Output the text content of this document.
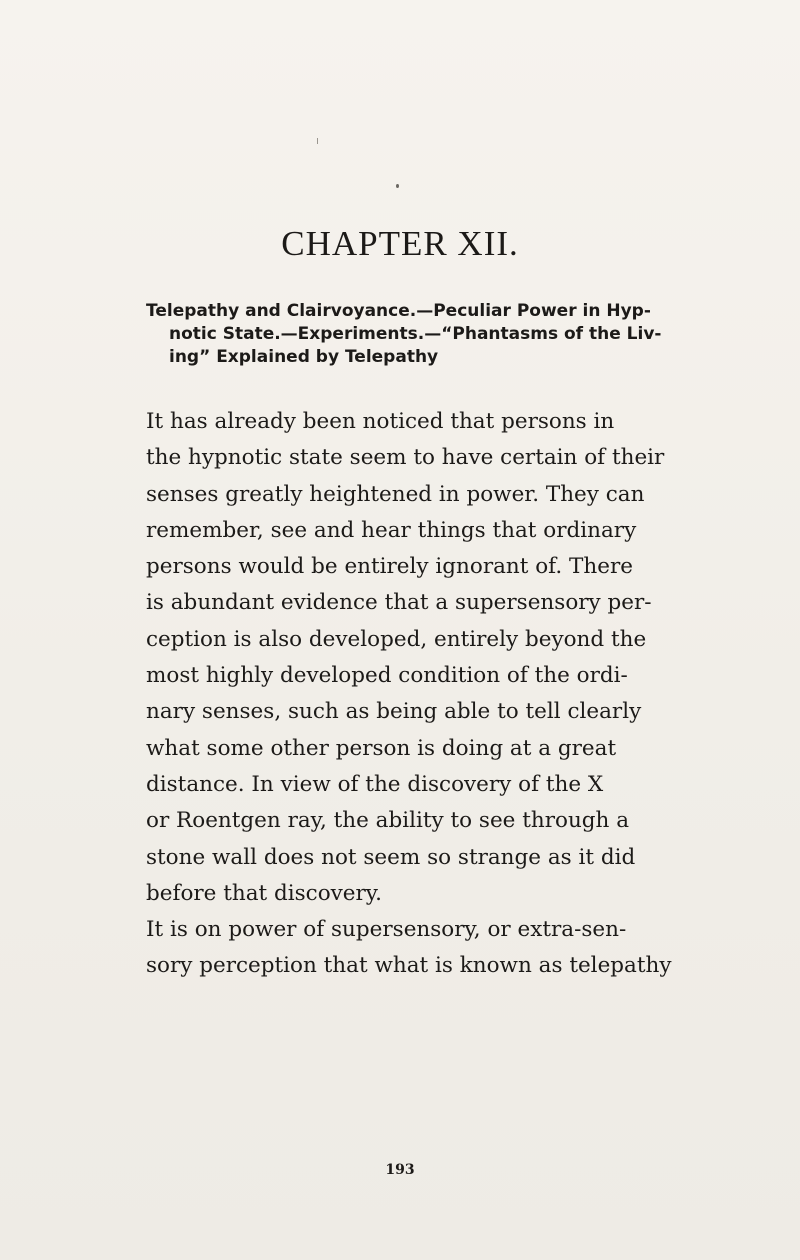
CHAPTER XII.
Telepathy and Clairvoyance.—Peculiar Power in Hyp-
notic State.—Experiments.—“Phantasms of the Liv-
ing” Explained by Telepathy
It has already been noticed that persons in
the hypnotic state seem to have certain of their
senses greatly heightened in power. They can
remember, see and hear things that ordinary
persons would be entirely ignorant of. There
is abundant evidence that a supersensory per-
ception is also developed, entirely beyond the
most highly developed condition of the ordi-
nary senses, such as being able to tell clearly
what some other person is doing at a great
distance. In view of the discovery of the X
or Roentgen ray, the ability to see through a
stone wall does not seem so strange as it did
before that discovery.
It is on power of supersensory, or extra-sen-
sory perception that what is known as telepathy
193
